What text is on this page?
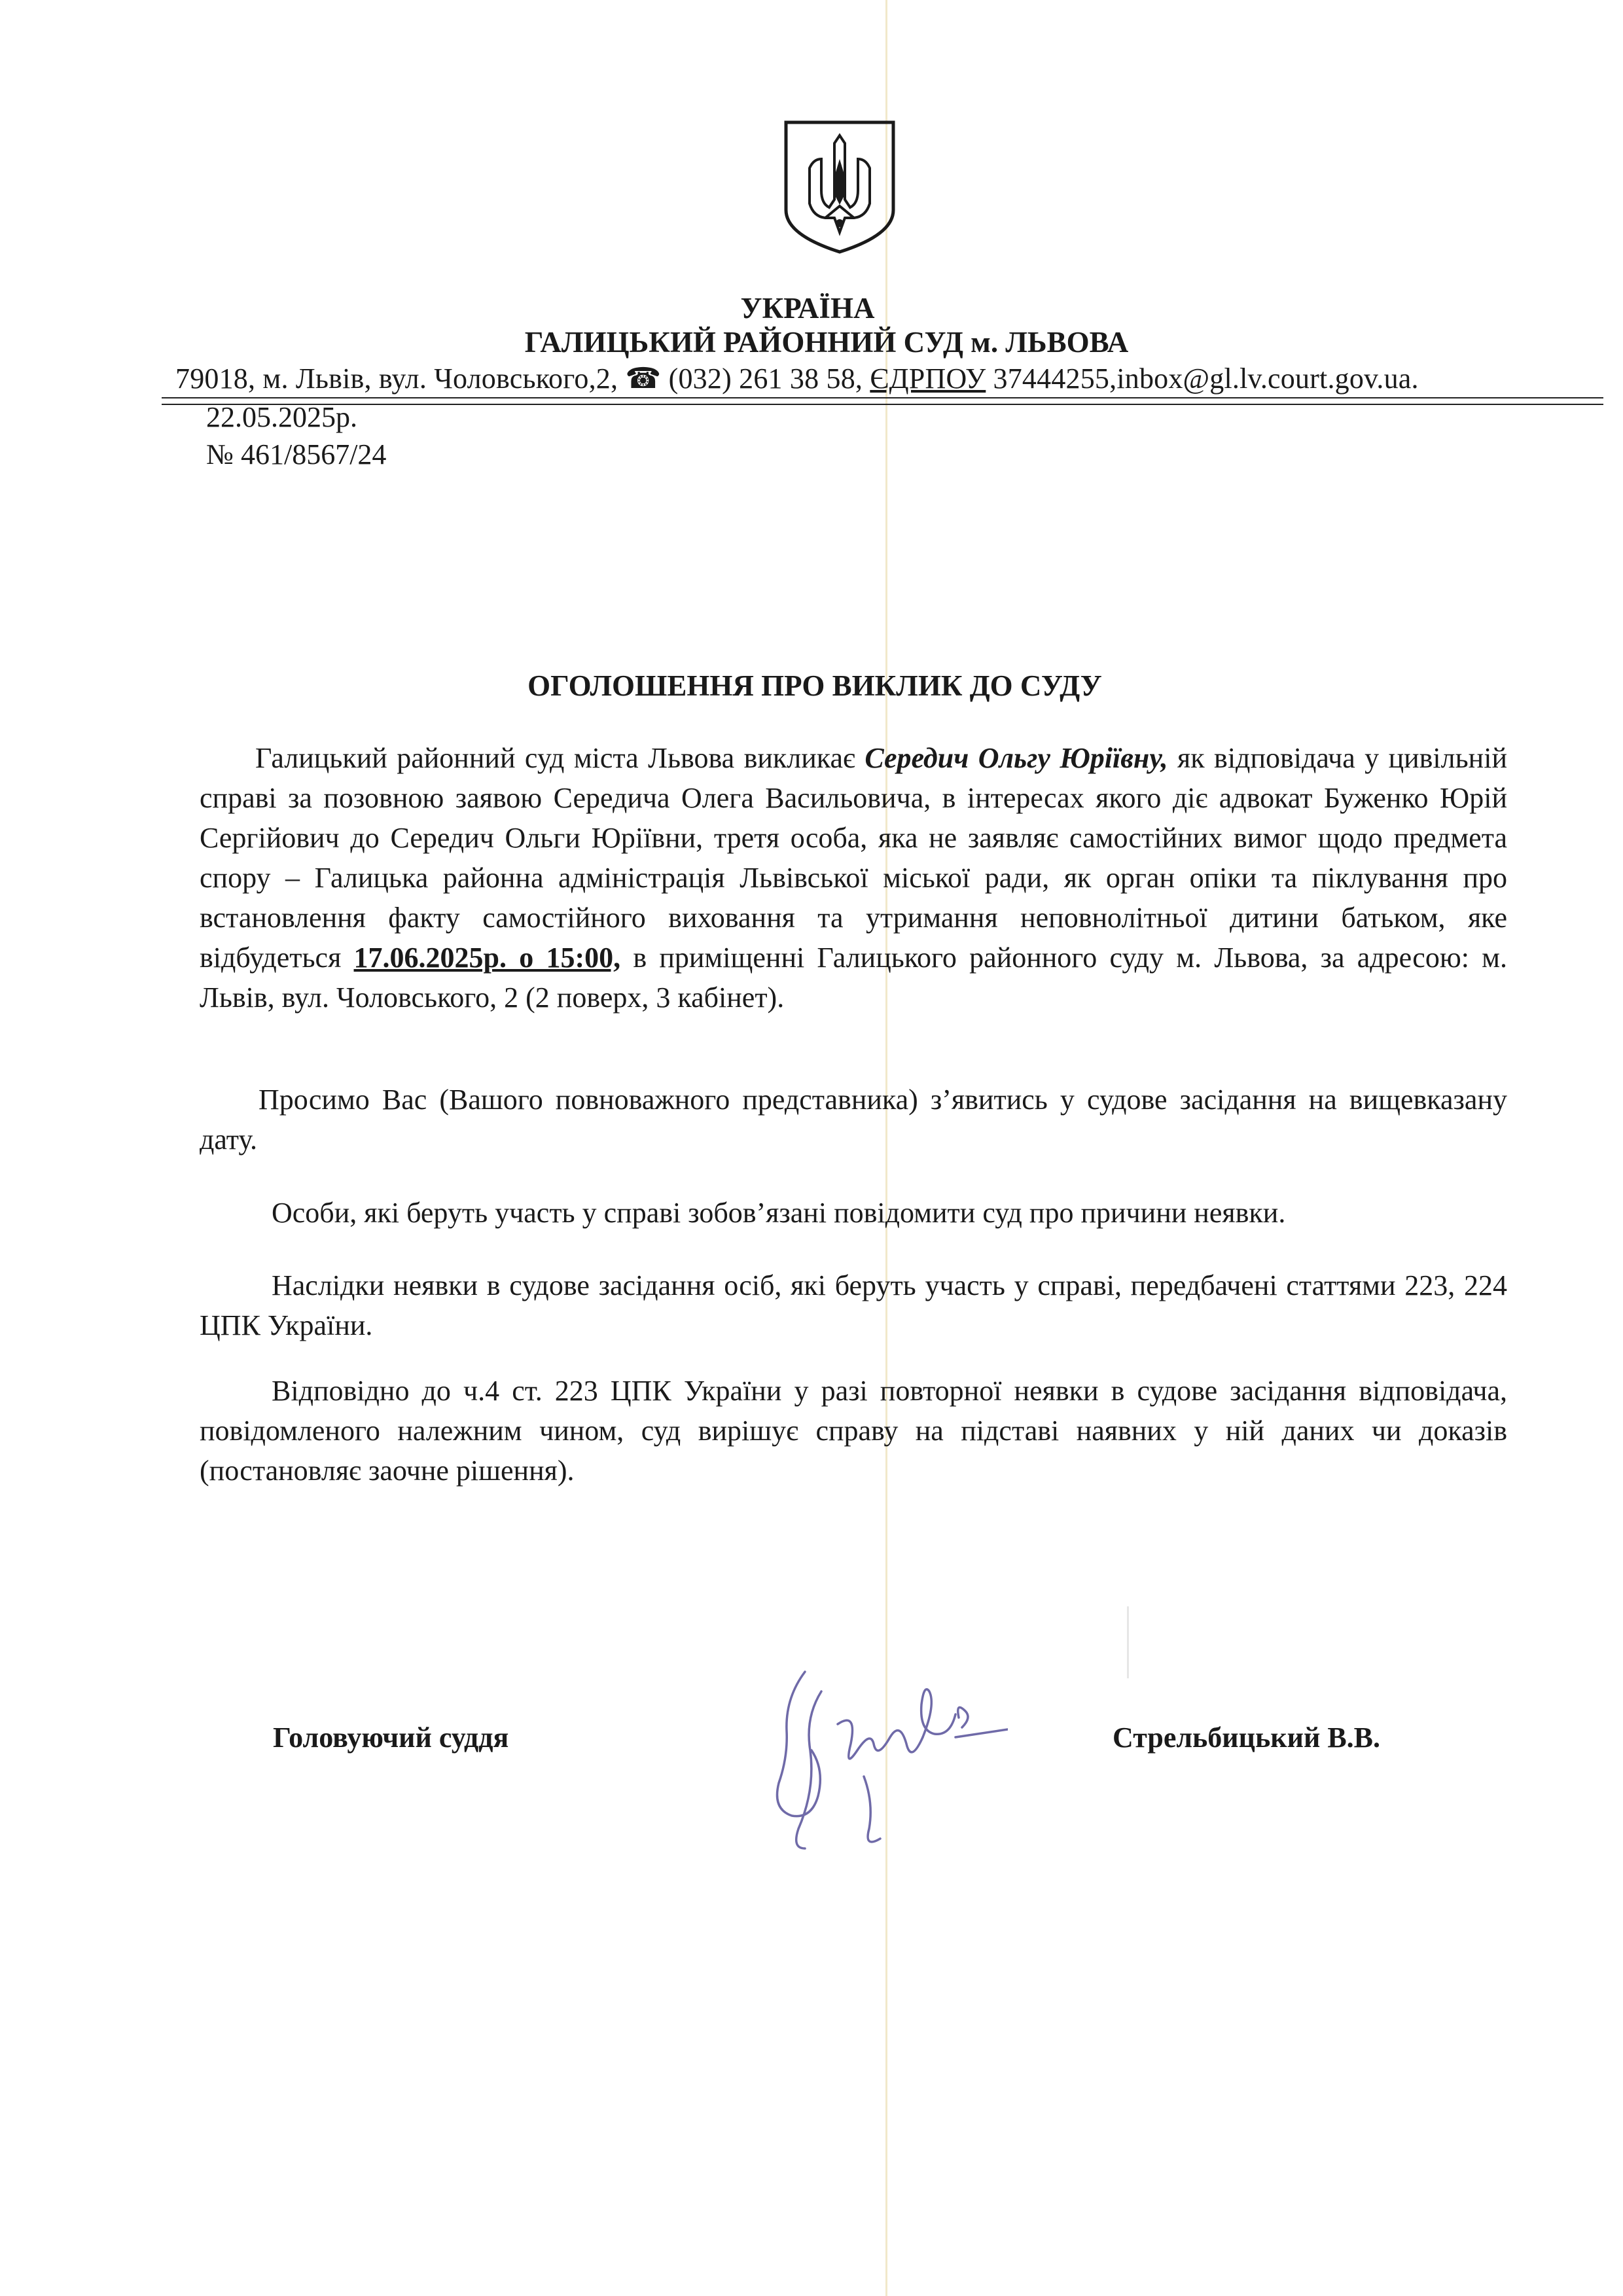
УКРАЇНА
ГАЛИЦЬКИЙ РАЙОННИЙ СУД м. ЛЬВОВА
79018, м. Львів, вул. Чоловського,2, ☎ (032) 261 38 58, ЄДРПОУ 37444255,inbox@gl.lv.court.gov.ua.
22.05.2025р.
№ 461/8567/24
ОГОЛОШЕННЯ ПРО ВИКЛИК ДО СУДУ
Галицький районний суд міста Львова викликає Середич Ольгу Юріївну, як відповідача у цивільній справі за позовною заявою Середича Олега Васильовича, в інтересах якого діє адвокат Буженко Юрій Сергійович до Середич Ольги Юріївни, третя особа, яка не заявляє самостійних вимог щодо предмета спору – Галицька районна адміністрація Львівської міської ради, як орган опіки та піклування про встановлення факту самостійного виховання та утримання неповнолітньої дитини батьком, яке відбудеться 17.06.2025р. о 15:00, в приміщенні Галицького районного суду м. Львова, за адресою: м. Львів, вул. Чоловського, 2 (2 поверх, 3 кабінет).
Просимо Вас (Вашого повноважного представника) з’явитись у судове засідання на вищевказану дату.
Особи, які беруть участь у справі зобов’язані повідомити суд про причини неявки.
Наслідки неявки в судове засідання осіб, які беруть участь у справі, передбачені статтями 223, 224 ЦПК України.
Відповідно до ч.4 ст. 223 ЦПК України у разі повторної неявки в судове засідання відповідача, повідомленого належним чином, суд вирішує справу на підставі наявних у ній даних чи доказів (постановляє заочне рішення).
Головуючий суддя	Стрельбицький В.В.
